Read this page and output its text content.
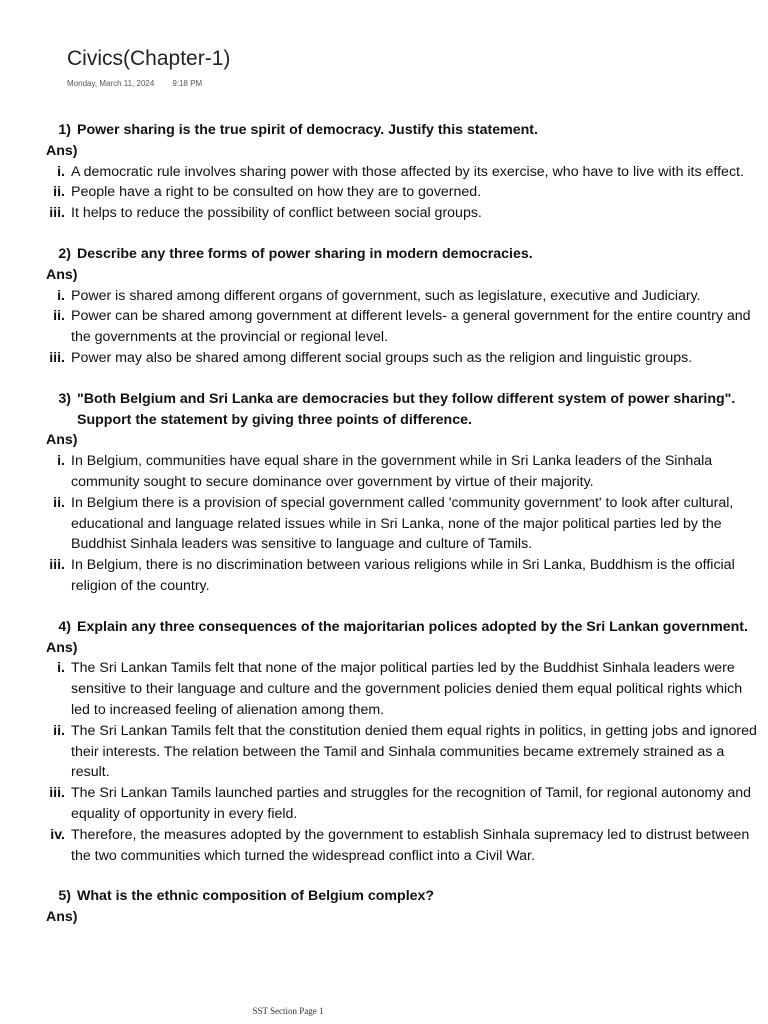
Civics(Chapter-1)
Monday, March 11, 2024 9:18 PM
1) Power sharing is the true spirit of democracy. Justify this statement.
Ans)
i. A democratic rule involves sharing power with those affected by its exercise, who have to live with its effect.
ii. People have a right to be consulted on how they are to governed.
iii. It helps to reduce the possibility of conflict between social groups.
2) Describe any three forms of power sharing in modern democracies.
Ans)
i. Power is shared among different organs of government, such as legislature, executive and Judiciary.
ii. Power can be shared among government at different levels- a general government for the entire country and the governments at the provincial or regional level.
iii. Power may also be shared among different social groups such as the religion and linguistic groups.
3) "Both Belgium and Sri Lanka are democracies but they follow different system of power sharing". Support the statement by giving three points of difference.
Ans)
i. In Belgium, communities have equal share in the government while in Sri Lanka leaders of the Sinhala community sought to secure dominance over government by virtue of their majority.
ii. In Belgium there is a provision of special government called 'community government' to look after cultural, educational and language related issues while in Sri Lanka, none of the major political parties led by the Buddhist Sinhala leaders was sensitive to language and culture of Tamils.
iii. In Belgium, there is no discrimination between various religions while in Sri Lanka, Buddhism is the official religion of the country.
4) Explain any three consequences of the majoritarian polices adopted by the Sri Lankan government.
Ans)
i. The Sri Lankan Tamils felt that none of the major political parties led by the Buddhist Sinhala leaders were sensitive to their language and culture and the government policies denied them equal political rights which led to increased feeling of alienation among them.
ii. The Sri Lankan Tamils felt that the constitution denied them equal rights in politics, in getting jobs and ignored their interests. The relation between the Tamil and Sinhala communities became extremely strained as a result.
iii. The Sri Lankan Tamils launched parties and struggles for the recognition of Tamil, for regional autonomy and equality of opportunity in every field.
iv. Therefore, the measures adopted by the government to establish Sinhala supremacy led to distrust between the two communities which turned the widespread conflict into a Civil War.
5) What is the ethnic composition of Belgium complex?
Ans)
SST Section Page 1
